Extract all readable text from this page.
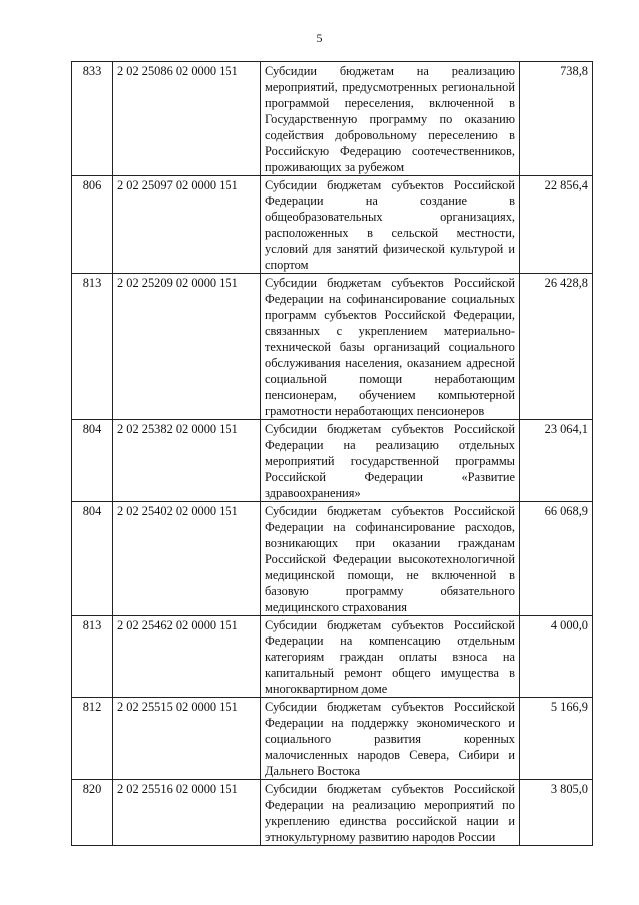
5
833	2 02 25086 02 0000 151	Субсидии бюджетам на реализацию мероприятий, предусмотренных региональной программой переселения, включенной в Государственную программу по оказанию содействия добровольному переселению в Российскую Федерацию соотечественников, проживающих за рубежом	738,8
806	2 02 25097 02 0000 151	Субсидии бюджетам субъектов Российской Федерации на создание в общеобразовательных организациях, расположенных в сельской местности, условий для занятий физической культурой и спортом	22 856,4
813	2 02 25209 02 0000 151	Субсидии бюджетам субъектов Российской Федерации на софинансирование социальных программ субъектов Российской Федерации, связанных с укреплением материально-технической базы организаций социального обслуживания населения, оказанием адресной социальной помощи неработающим пенсионерам, обучением компьютерной грамотности неработающих пенсионеров	26 428,8
804	2 02 25382 02 0000 151	Субсидии бюджетам субъектов Российской Федерации на реализацию отдельных мероприятий государственной программы Российской Федерации «Развитие здравоохранения»	23 064,1
804	2 02 25402 02 0000 151	Субсидии бюджетам субъектов Российской Федерации на софинансирование расходов, возникающих при оказании гражданам Российской Федерации высокотехнологичной медицинской помощи, не включенной в базовую программу обязательного медицинского страхования	66 068,9
813	2 02 25462 02 0000 151	Субсидии бюджетам субъектов Российской Федерации на компенсацию отдельным категориям граждан оплаты взноса на капитальный ремонт общего имущества в многоквартирном доме	4 000,0
812	2 02 25515 02 0000 151	Субсидии бюджетам субъектов Российской Федерации на поддержку экономического и социального развития коренных малочисленных народов Севера, Сибири и Дальнего Востока	5 166,9
820	2 02 25516 02 0000 151	Субсидии бюджетам субъектов Российской Федерации на реализацию мероприятий по укреплению единства российской нации и этнокультурному развитию народов России	3 805,0
